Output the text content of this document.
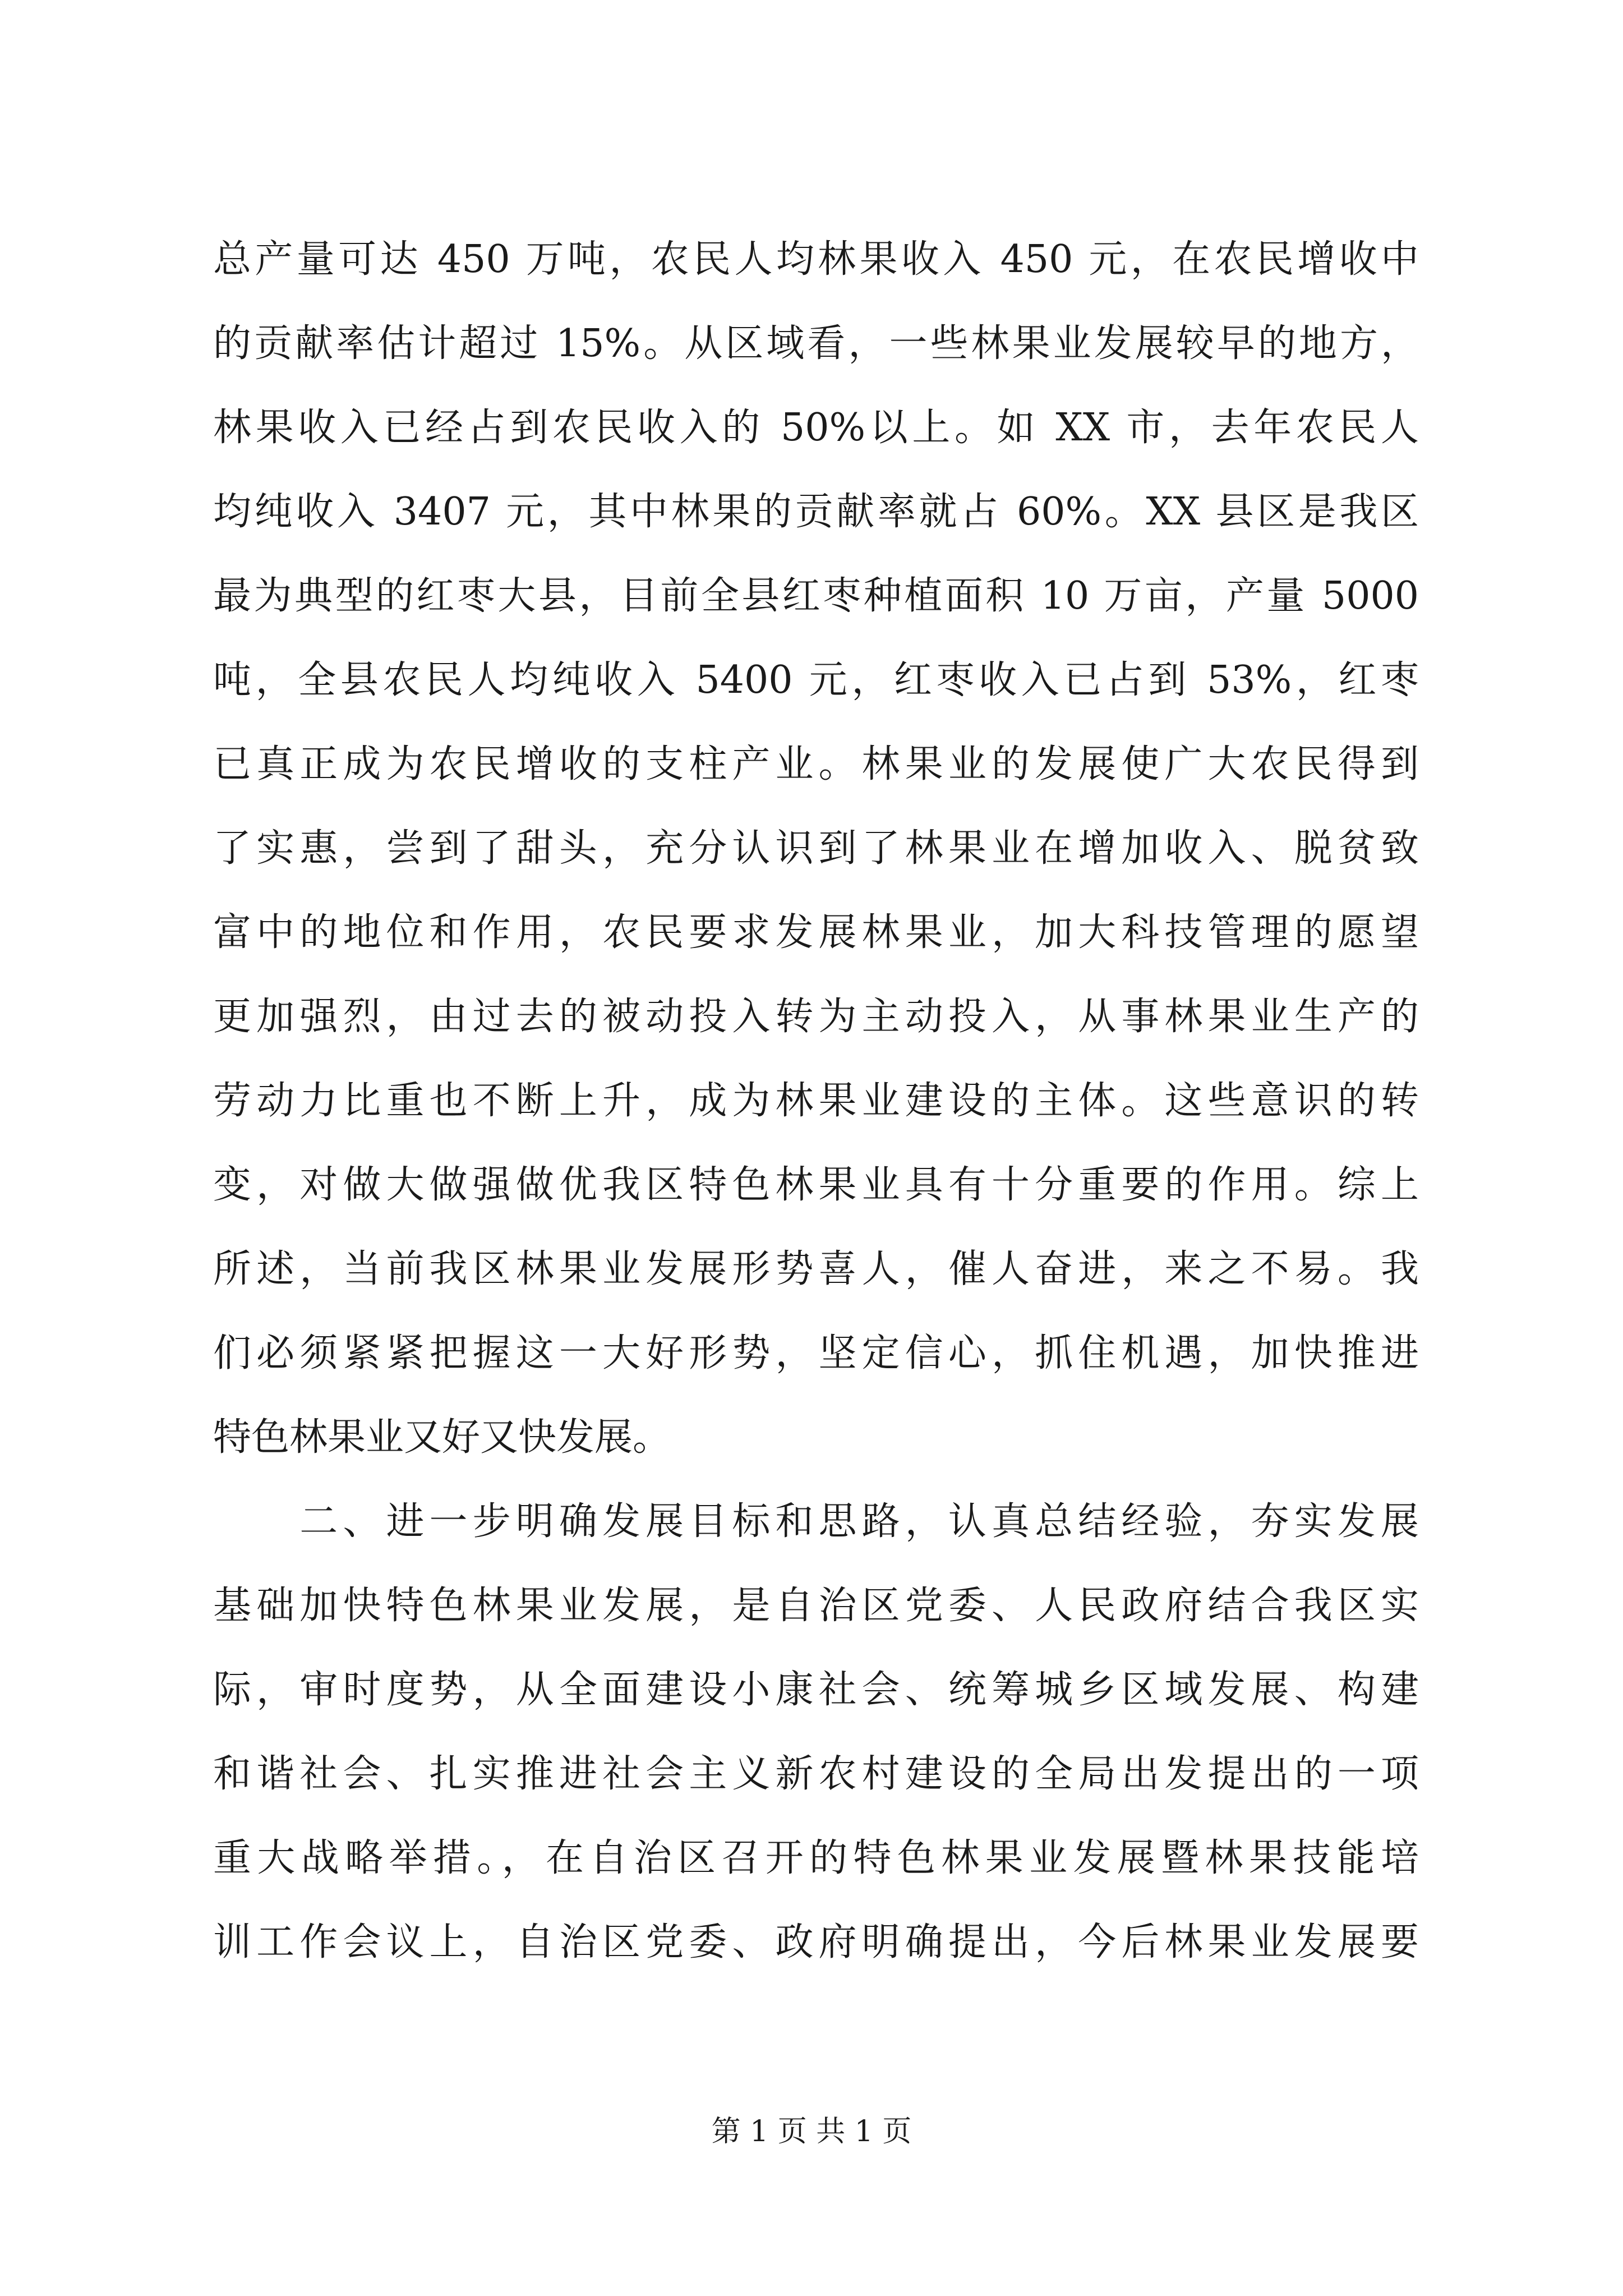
总产量可达 450 万吨，农民人均林果收入 450 元，在农民增收中
的贡献率估计超过 15%。从区域看，一些林果业发展较早的地方，
林果收入已经占到农民收入的 50%以上。如 XX 市，去年农民人
均纯收入 3407 元，其中林果的贡献率就占 60%。XX 县区是我区
最为典型的红枣大县，目前全县红枣种植面积 10 万亩，产量 5000
吨，全县农民人均纯收入 5400 元，红枣收入已占到 53%，红枣
已真正成为农民增收的支柱产业。林果业的发展使广大农民得到
了实惠，尝到了甜头，充分认识到了林果业在增加收入、脱贫致
富中的地位和作用，农民要求发展林果业，加大科技管理的愿望
更加强烈，由过去的被动投入转为主动投入，从事林果业生产的
劳动力比重也不断上升，成为林果业建设的主体。这些意识的转
变，对做大做强做优我区特色林果业具有十分重要的作用。综上
所述，当前我区林果业发展形势喜人，催人奋进，来之不易。我
们必须紧紧把握这一大好形势，坚定信心，抓住机遇，加快推进
特色林果业又好又快发展。
　　二、进一步明确发展目标和思路，认真总结经验，夯实发展
基础加快特色林果业发展，是自治区党委、人民政府结合我区实
际，审时度势，从全面建设小康社会、统筹城乡区域发展、构建
和谐社会、扎实推进社会主义新农村建设的全局出发提出的一项
重大战略举措。，在自治区召开的特色林果业发展暨林果技能培
训工作会议上，自治区党委、政府明确提出，今后林果业发展要
第 1 页 共 1 页
